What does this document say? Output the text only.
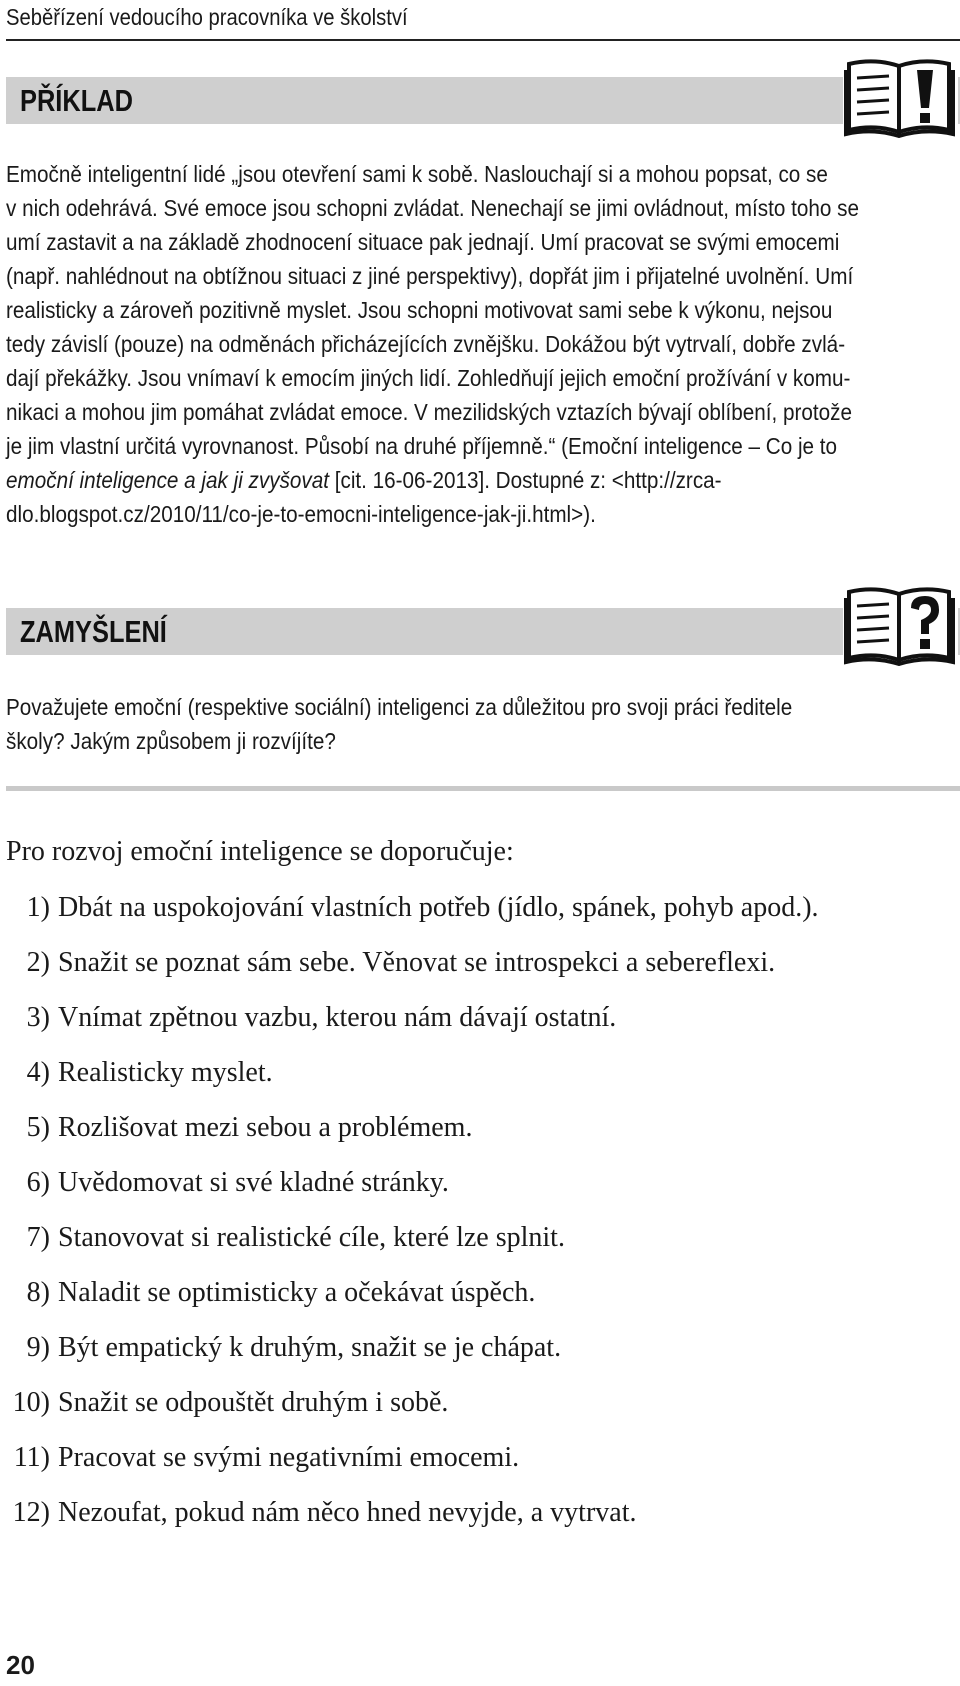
Seběřízení vedoucího pracovníka ve školství
PŘÍKLAD
Emočně inteligentní lidé „jsou otevření sami k sobě. Naslouchají si a mohou popsat, co se
v nich odehrává. Své emoce jsou schopni zvládat. Nenechají se jimi ovládnout, místo toho se
umí zastavit a na základě zhodnocení situace pak jednají. Umí pracovat se svými emocemi
(např. nahlédnout na obtížnou situaci z jiné perspektivy), dopřát jim i přijatelné uvolnění. Umí
realisticky a zároveň pozitivně myslet. Jsou schopni motivovat sami sebe k výkonu, nejsou
tedy závislí (pouze) na odměnách přicházejících zvnějšku. Dokážou být vytrvalí, dobře zvlá-
dají překážky. Jsou vnímaví k emocím jiných lidí. Zohledňují jejich emoční prožívání v komu-
nikaci a mohou jim pomáhat zvládat emoce. V mezilidských vztazích bývají oblíbení, protože
je jim vlastní určitá vyrovnanost. Působí na druhé příjemně.“ (Emoční inteligence – Co je to
emoční inteligence a jak ji zvyšovat [cit. 16-06-2013]. Dostupné z: <http://zrca-
dlo.blogspot.cz/2010/11/co-je-to-emocni-inteligence-jak-ji.html>).
ZAMYŠLENÍ
Považujete emoční (respektive sociální) inteligenci za důležitou pro svoji práci ředitele
školy? Jakým způsobem ji rozvíjíte?
Pro rozvoj emoční inteligence se doporučuje:
1) Dbát na uspokojování vlastních potřeb (jídlo, spánek, pohyb apod.).
2) Snažit se poznat sám sebe. Věnovat se introspekci a sebereflexi.
3) Vnímat zpětnou vazbu, kterou nám dávají ostatní.
4) Realisticky myslet.
5) Rozlišovat mezi sebou a problémem.
6) Uvědomovat si své kladné stránky.
7) Stanovovat si realistické cíle, které lze splnit.
8) Naladit se optimisticky a očekávat úspěch.
9) Být empatický k druhým, snažit se je chápat.
10) Snažit se odpouštět druhým i sobě.
11) Pracovat se svými negativními emocemi.
12) Nezoufat, pokud nám něco hned nevyjde, a vytrvat.
20
